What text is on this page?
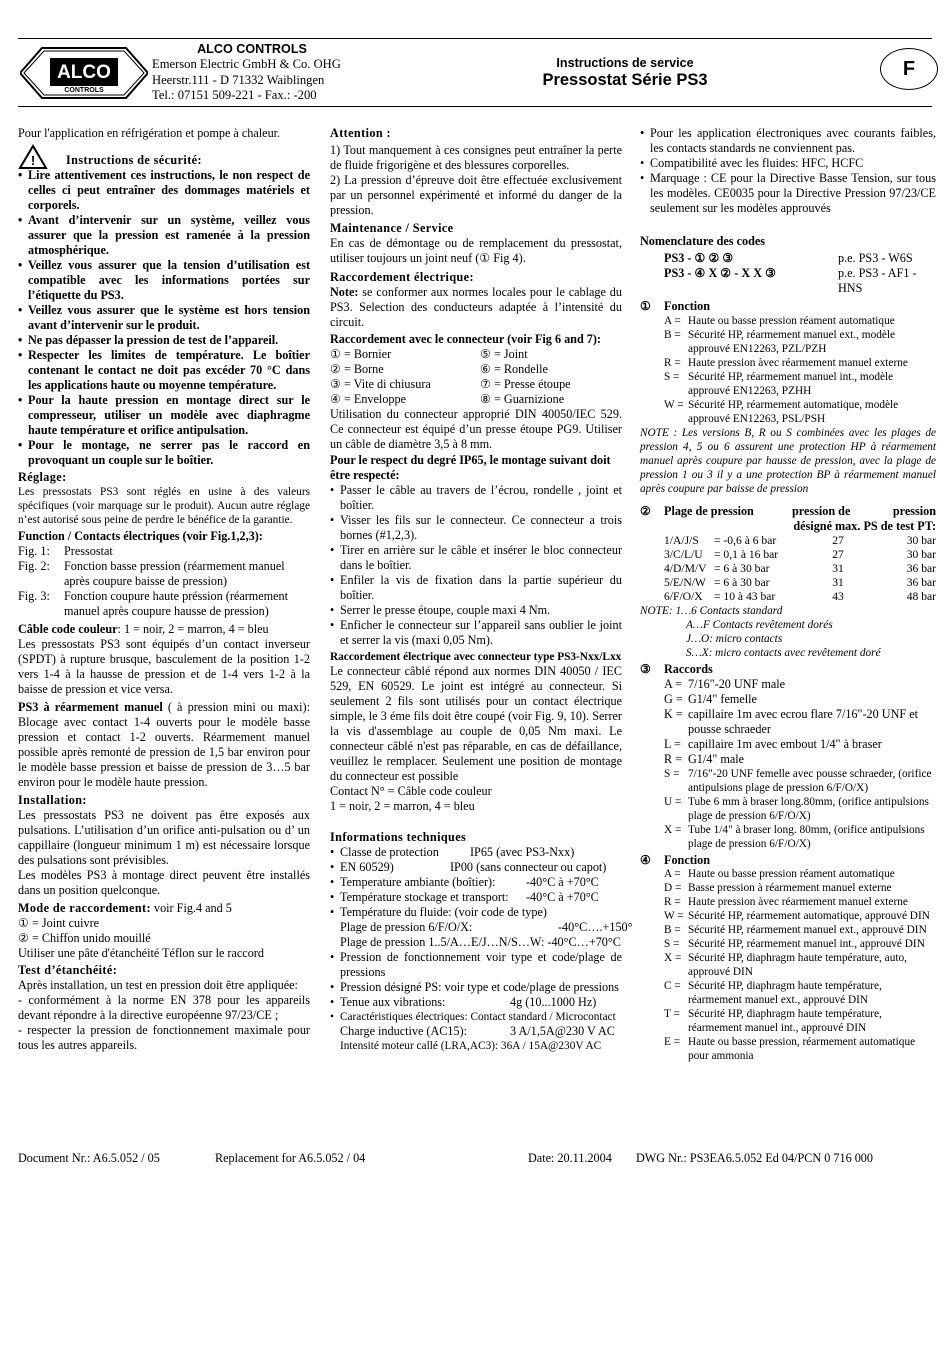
ALCO
CONTROLS
ALCO CONTROLS
Emerson Electric GmbH & Co. OHG
Heerstr.111 - D 71332 Waiblingen
Tel.: 07151 509-221 - Fax.: -200
Instructions de service
Pressostat Série PS3	F

Pour l'application en réfrigération et pompe à chaleur.

!	Instructions de sécurité:
• Lire attentivement ces instructions, le non respect de celles ci peut entraîner des dommages matériels et corporels.
• Avant d’intervenir sur un système, veillez vous assurer que la pression est ramenée à la pression atmosphérique.
• Veillez vous assurer que la tension d’utilisation est compatible avec les informations portées sur l’étiquette du PS3.
• Veillez vous assurer que le système est hors tension avant d’intervenir sur le produit.
• Ne pas dépasser la pression de test de l’appareil.
• Respecter les limites de température. Le boîtier contenant le contact ne doit pas excéder 70 °C dans les applications haute ou moyenne température.
• Pour la haute pression en montage direct sur le compresseur, utiliser un modèle avec diaphragme haute température et orifice antipulsation.
• Pour le montage, ne serrer pas le raccord en provoquant un couple sur le boîtier.

Réglage:

Les pressostats PS3 sont réglés en usine à des valeurs spécifiques (voir marquage sur le produit). Aucun autre réglage n’est autorisé sous peine de perdre le bénéfice de la garantie.

Function / Contacts électriques (voir Fig.1,2,3):

Fig. 1:	Pressostat
Fig. 2:	Fonction basse pression (réarmement manuel après coupure baisse de pression)
Fig. 3:	Fonction coupure haute préssion (réarmement manuel après coupure hausse de pression)

Câble code couleur: 1 = noir, 2 = marron, 4 = bleu

Les pressostats PS3 sont équipés d’un contact inverseur (SPDT) à rupture brusque, basculement de la position 1-2 vers 1-4 à la hausse de pression et de 1-4 vers 1-2 à la baisse de pression et vice versa.

PS3 à réarmement manuel ( à pression mini ou maxi): Blocage avec contact 1-4 ouverts pour le modèle basse pression et contact 1-2 ouverts. Réarmement manuel possible après remonté de pression de 1,5 bar environ pour le modèle basse pression et baisse de pression de 3…5 bar environ pour le modèle haute pression.

Installation:

Les pressostats PS3 ne doivent pas être exposés aux pulsations. L’utilisation d’un orifice anti-pulsation ou d’ un cappillaire (longueur minimum 1 m) est nécessaire lorsque des pulsations sont prévisibles.

Les modèles PS3 à montage direct peuvent être installés dans un position quelconque.

Mode de raccordement: voir Fig.4 and 5

① = Joint cuivre

② = Chiffon unido mouillé

Utiliser une pâte d'étanchéité Téflon sur le raccord

Test d’étanchéité:

Après installation, un test en pression doit être appliquée:

- conformément à la norme EN 378 pour les appareils devant répondre à la directive européenne 97/23/CE ;

- respecter la pression de fonctionnement maximale pour tous les autres appareils.

Attention :

1) Tout manquement à ces consignes peut entraîner la perte de fluide frigorigène et des blessures corporelles.

2) La pression d’épreuve doit être effectuée exclusivement par un personnel expérimenté et informé du danger de la pression.

Maintenance / Service

En cas de démontage ou de remplacement du pressostat, utiliser toujours un joint neuf (① Fig 4).

Raccordement électrique:

Note: se conformer aux normes locales pour le cablage du PS3. Selection des conducteurs adaptée à l’intensité du circuit.

Raccordement avec le connecteur (voir Fig 6 and 7):

① = Bornier	⑤ = Joint
② = Borne	⑥ = Rondelle
③ = Vite di chiusura	⑦ = Presse étoupe
④ = Enveloppe	⑧ = Guarnizione

Utilisation du connecteur approprié DIN 40050/IEC 529. Ce connecteur est équipé d’un presse étoupe PG9. Utiliser un câble de diamètre 3,5 à 8 mm.

Pour le respect du degré IP65, le montage suivant doit être respecté:

• Passer le câble au travers de l’écrou, rondelle , joint et boîtier.
• Visser les fils sur le connecteur. Ce connecteur a trois bornes (#1,2,3).
• Tirer en arrière sur le câble et insérer le bloc connecteur dans le boîtier.
• Enfiler la vis de fixation dans la partie supérieur du boîtier.
• Serrer le presse étoupe, couple maxi 4 Nm.
• Enficher le connecteur sur l’appareil sans oublier le joint et serrer la vis (maxi 0,05 Nm).

Raccordement électrique avec connecteur type PS3-Nxx/Lxx

Le connecteur câblé répond aux normes DIN 40050 / IEC 529, EN 60529. Le joint est intégré au connecteur. Si seulement 2 fils sont utilisés pour un contact électrique simple, le 3 éme fils doit être coupé (voir Fig. 9, 10). Serrer la vis d'assemblage au couple de 0,05 Nm maxi. Le connecteur câblé n'est pas réparable, en cas de défaillance, veuillez le remplacer. Seulement une position de montage du connecteur est possible

Contact N° = Câble code couleur

1 = noir, 2 = marron, 4 = bleu

Informations techniques

• Classe de protection	IP65 (avec PS3-Nxx)
• EN 60529)	IP00 (sans connecteur ou capot)
• Temperature ambiante (boîtier):	-40°C à +70°C
• Température stockage et transport:	-40°C à +70°C
• Température du fluide: (voir code de type)
Plage de pression 6/F/O/X:	-40°C….+150°
Plage de pression 1..5/A…E/J…N/S…W: -40°C…+70°C
• Pression de fonctionnement voir type et code/plage de pressions
• Pression désigné PS: voir type et code/plage de pressions
• Tenue aux vibrations:	4g (10...1000 Hz)
• Caractéristiques électriques: Contact standard / Microcontact
Charge inductive (AC15):	3 A/1,5A@230 V AC
Intensité moteur callé (LRA,AC3): 36A / 15A@230V AC
• Pour les application électroniques avec courants faibles, les contacts standards ne conviennent pas.
• Compatibilité avec les fluides: HFC, HCFC
• Marquage : CE pour la Directive Basse Tension, sur tous les modèles. CE0035 pour la Directive Pression 97/23/CE seulement sur les modèles approuvés

Nomenclature des codes

PS3 - ① ② ③	p.e. PS3 - W6S
PS3 - ④ X ② - X X ③	p.e. PS3 - AF1 - HNS
①	Fonction
A = Haute ou basse pression réament automatique
B = Sécurité HP, réarmement manuel ext., modèle approuvé EN12263, PZL/PZH
R = Haute pression àvec réarmement manuel externe
S = Sécurité HP, réarmement manuel int., modèle approuvé EN12263, PZHH
W = Sécurité HP, réarmement automatique, modèle approuvé EN12263, PSL/PSH

NOTE : Les versions B, R ou S combinées avec les plages de pression 4, 5 ou 6 assurent une protection HP à réarmement manuel après coupure par hausse de pression, avec la plage de pression 1 ou 3 il y a une protection BP à réarmement manuel après coupure par baisse de pression

②	Plage de pression	pression de	pression
désigné max. PS de test PT:
1/A/J/S	= -0,6 à 6 bar	27	30 bar
3/C/L/U	= 0,1 à 16 bar	27	30 bar
4/D/M/V	= 6 à 30 bar	31	36 bar
5/E/N/W	= 6 à 30 bar	31	36 bar
6/F/O/X	= 10 à 43 bar	43	48 bar
NOTE: 1…6 Contacts standard
A…F Contacts revêtement dorés
J…O: micro contacts
S…X: micro contacts avec revêtement doré
③	Raccords
A = 7/16"-20 UNF male
G = G1/4" femelle
K = capillaire 1m avec ecrou flare 7/16"-20 UNF et pousse schraeder
L = capillaire 1m avec embout 1/4" à braser
R = G1/4" male
S = 7/16"-20 UNF femelle avec pousse schraeder, (orifice antipulsions plage de pression 6/F/O/X)
U = Tube 6 mm à braser long.80mm, (orifice antipulsions plage de pression 6/F/O/X)
X = Tube 1/4" à braser long. 80mm, (orifice antipulsions plage de pression 6/F/O/X)
④	Fonction
A = Haute ou basse pression réament automatique
D = Basse pression à réarmement manuel externe
R = Haute pression àvec réarmement manuel externe
W = Sécurité HP, réarmement automatique, approuvé DIN
B = Sécurité HP, réarmement manuel ext., approuvé DIN
S = Sécurité HP, réarmement manuel int., approuvé DIN
X = Sécurité HP, diaphragm haute température, auto, approuvé DIN
C = Sécurité HP, diaphragm haute température, réarmement manuel ext., approuvé DIN
T = Sécurité HP, diaphragm haute température, réarmement manuel int., approuvé DIN
E = Haute ou basse pression, réarmement automatique pour ammonia
Document Nr.: A6.5.052 / 05	Replacement for A6.5.052 / 04	Date: 20.11.2004 DWG Nr.: PS3EA6.5.052 Ed 04/PCN 0 716 000
